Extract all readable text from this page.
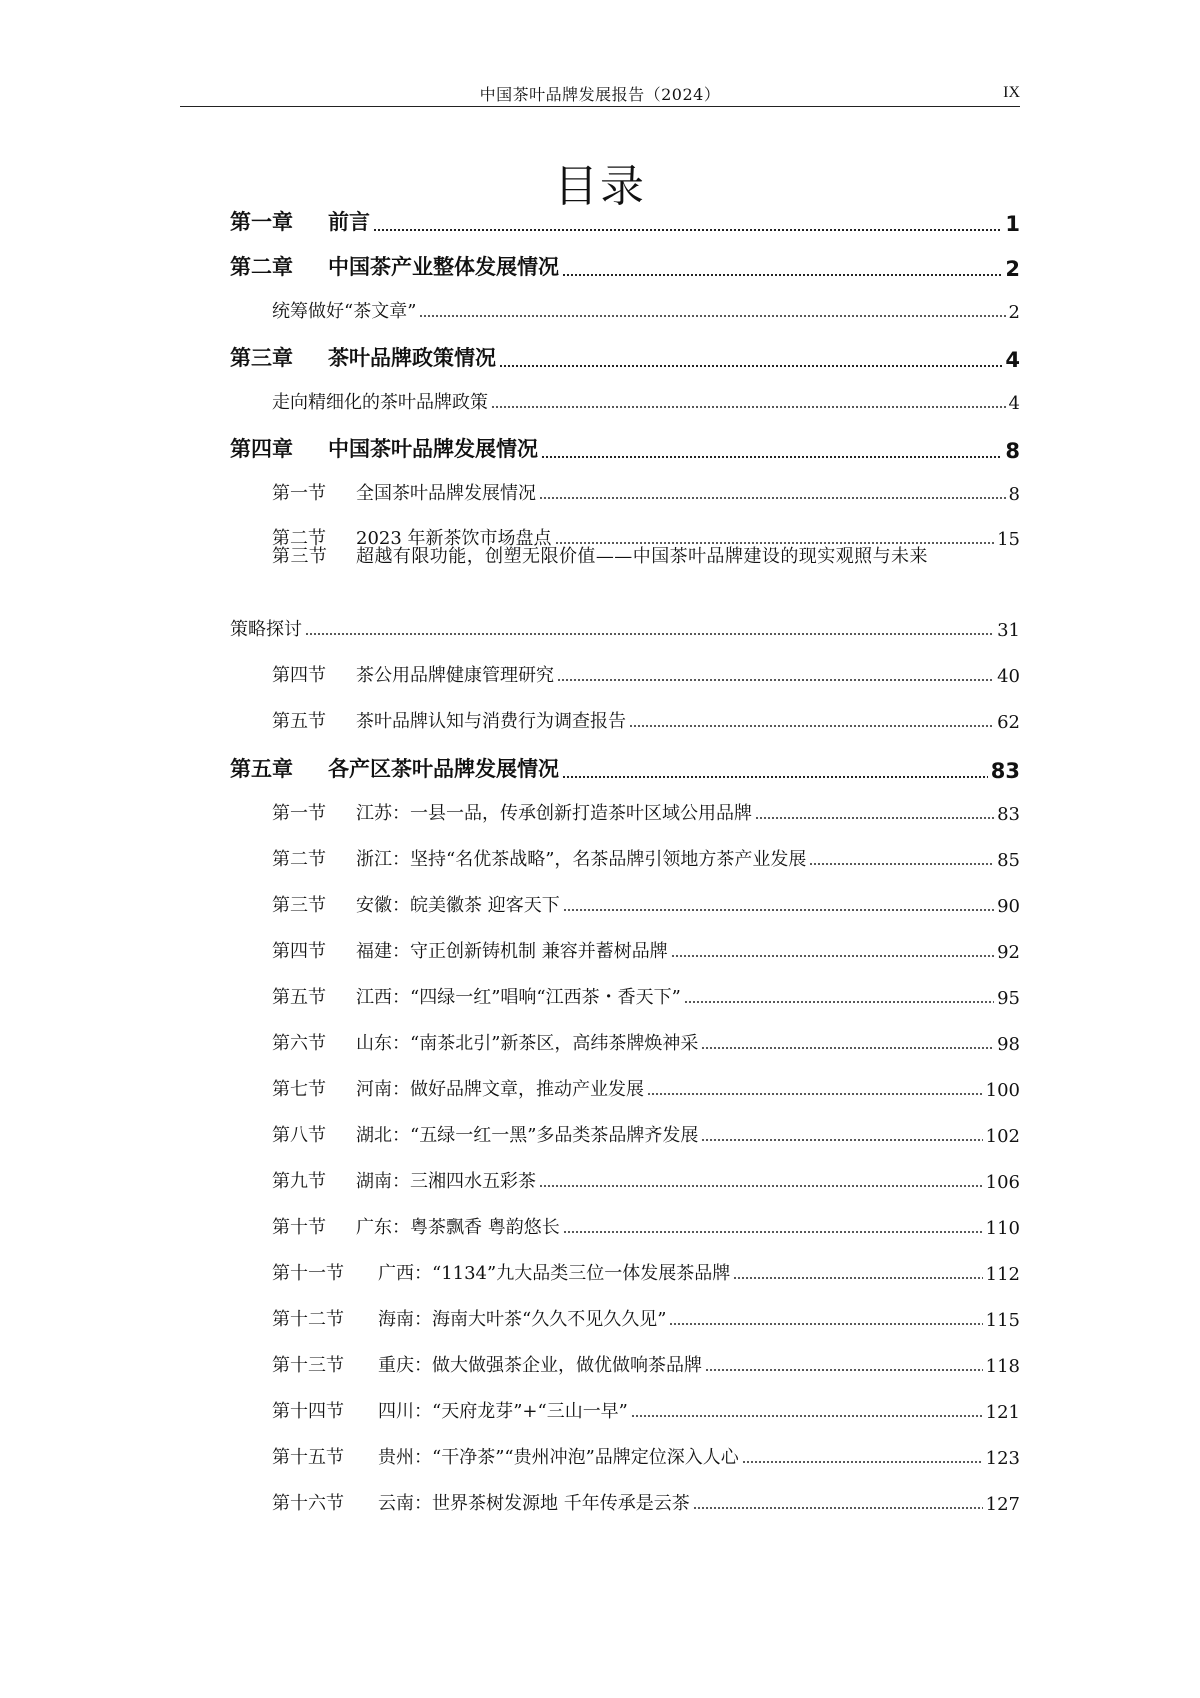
中国茶叶品牌发展报告（2024）	IX
目录
第一章	前言	1
第二章	中国茶产业整体发展情况	2
统筹做好“茶文章”	2
第三章	茶叶品牌政策情况	4
走向精细化的茶叶品牌政策	4
第四章	中国茶叶品牌发展情况	8
第一节	全国茶叶品牌发展情况	8
第二节	2023 年新茶饮市场盘点	15
第三节 超越有限功能，创塑无限价值——中国茶叶品牌建设的现实观照与未来
策略探讨	31
第四节	茶公用品牌健康管理研究	40
第五节	茶叶品牌认知与消费行为调查报告	62
第五章	各产区茶叶品牌发展情况	83
第一节	江苏：一县一品，传承创新打造茶叶区域公用品牌	83
第二节	浙江：坚持“名优茶战略”，名茶品牌引领地方茶产业发展	85
第三节	安徽：皖美徽茶 迎客天下	90
第四节	福建：守正创新铸机制 兼容并蓄树品牌	92
第五节	江西：“四绿一红”唱响“江西茶・香天下”	95
第六节	山东：“南茶北引”新茶区，高纬茶牌焕神采	98
第七节	河南：做好品牌文章，推动产业发展	100
第八节	湖北：“五绿一红一黑”多品类茶品牌齐发展	102
第九节	湖南：三湘四水五彩茶	106
第十节	广东：粤茶飘香 粤韵悠长	110
第十一节	广西：“1134”九大品类三位一体发展茶品牌	112
第十二节	海南：海南大叶茶“久久不见久久见”	115
第十三节	重庆：做大做强茶企业，做优做响茶品牌	118
第十四节	四川：“天府龙芽”+“三山一早”	121
第十五节	贵州：“干净茶”“贵州冲泡”品牌定位深入人心	123
第十六节	云南：世界茶树发源地 千年传承是云茶	127
